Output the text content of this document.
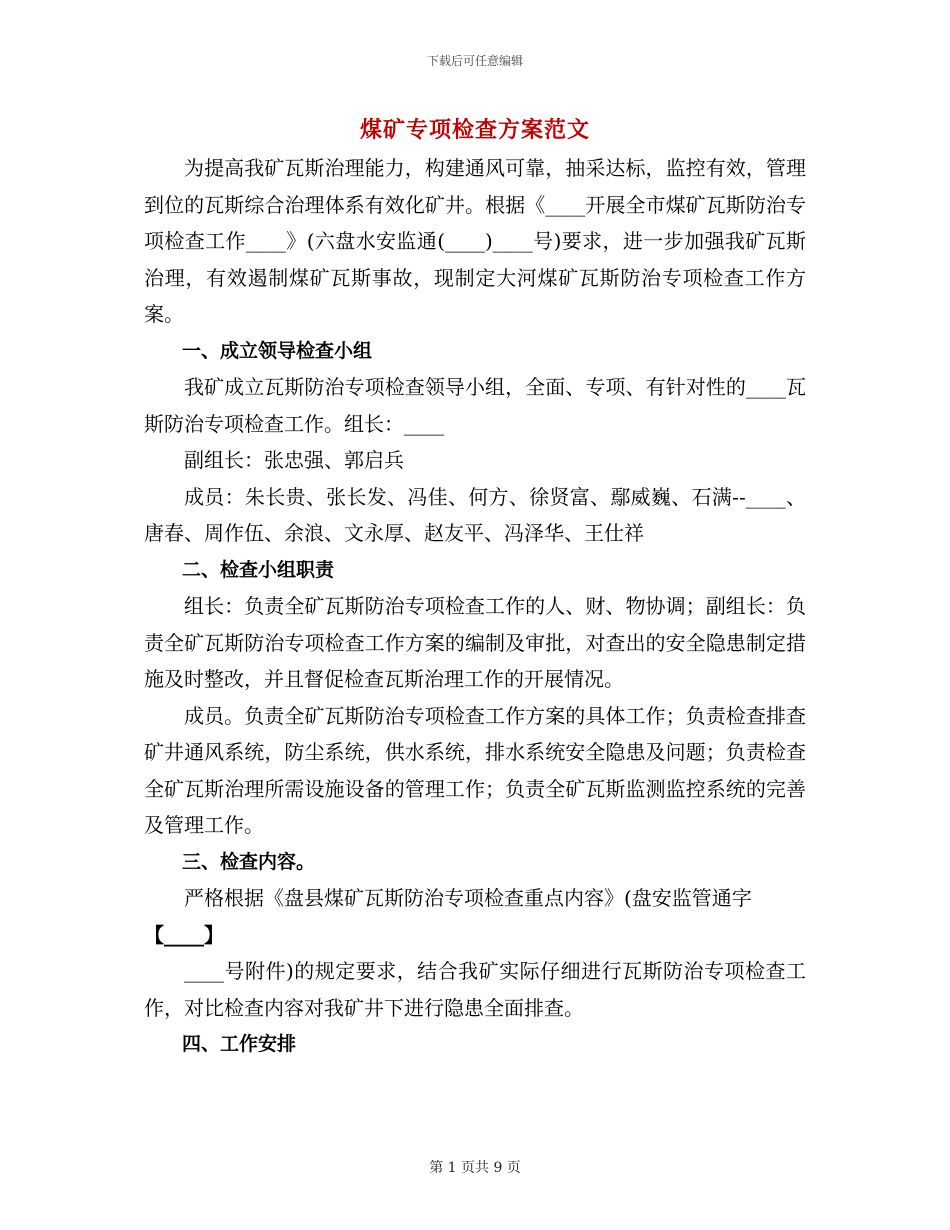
下载后可任意编辑
煤矿专项检查方案范文

为提高我矿瓦斯治理能力，构建通风可靠，抽采达标，监控有效，管理到位的瓦斯综合治理体系有效化矿井。根据《____开展全市煤矿瓦斯防治专项检查工作____》(六盘水安监通(____)____号)要求，进一步加强我矿瓦斯治理，有效遏制煤矿瓦斯事故，现制定大河煤矿瓦斯防治专项检查工作方案。

一、成立领导检查小组

我矿成立瓦斯防治专项检查领导小组，全面、专项、有针对性的____瓦斯防治专项检查工作。组长：____

副组长：张忠强、郭启兵

成员：朱长贵、张长发、冯佳、何方、徐贤富、鄢威巍、石满--____、唐春、周作伍、余浪、文永厚、赵友平、冯泽华、王仕祥

二、检查小组职责

组长：负责全矿瓦斯防治专项检查工作的人、财、物协调；副组长：负责全矿瓦斯防治专项检查工作方案的编制及审批，对查出的安全隐患制定措施及时整改，并且督促检查瓦斯治理工作的开展情况。

成员。负责全矿瓦斯防治专项检查工作方案的具体工作；负责检查排查矿井通风系统，防尘系统，供水系统，排水系统安全隐患及问题；负责检查全矿瓦斯治理所需设施设备的管理工作；负责全矿瓦斯监测监控系统的完善及管理工作。

三、检查内容。

严格根据《盘县煤矿瓦斯防治专项检查重点内容》(盘安监管通字

【____】

____号附件)的规定要求，结合我矿实际仔细进行瓦斯防治专项检查工作，对比检查内容对我矿井下进行隐患全面排查。

四、工作安排

第 1 页共 9 页
